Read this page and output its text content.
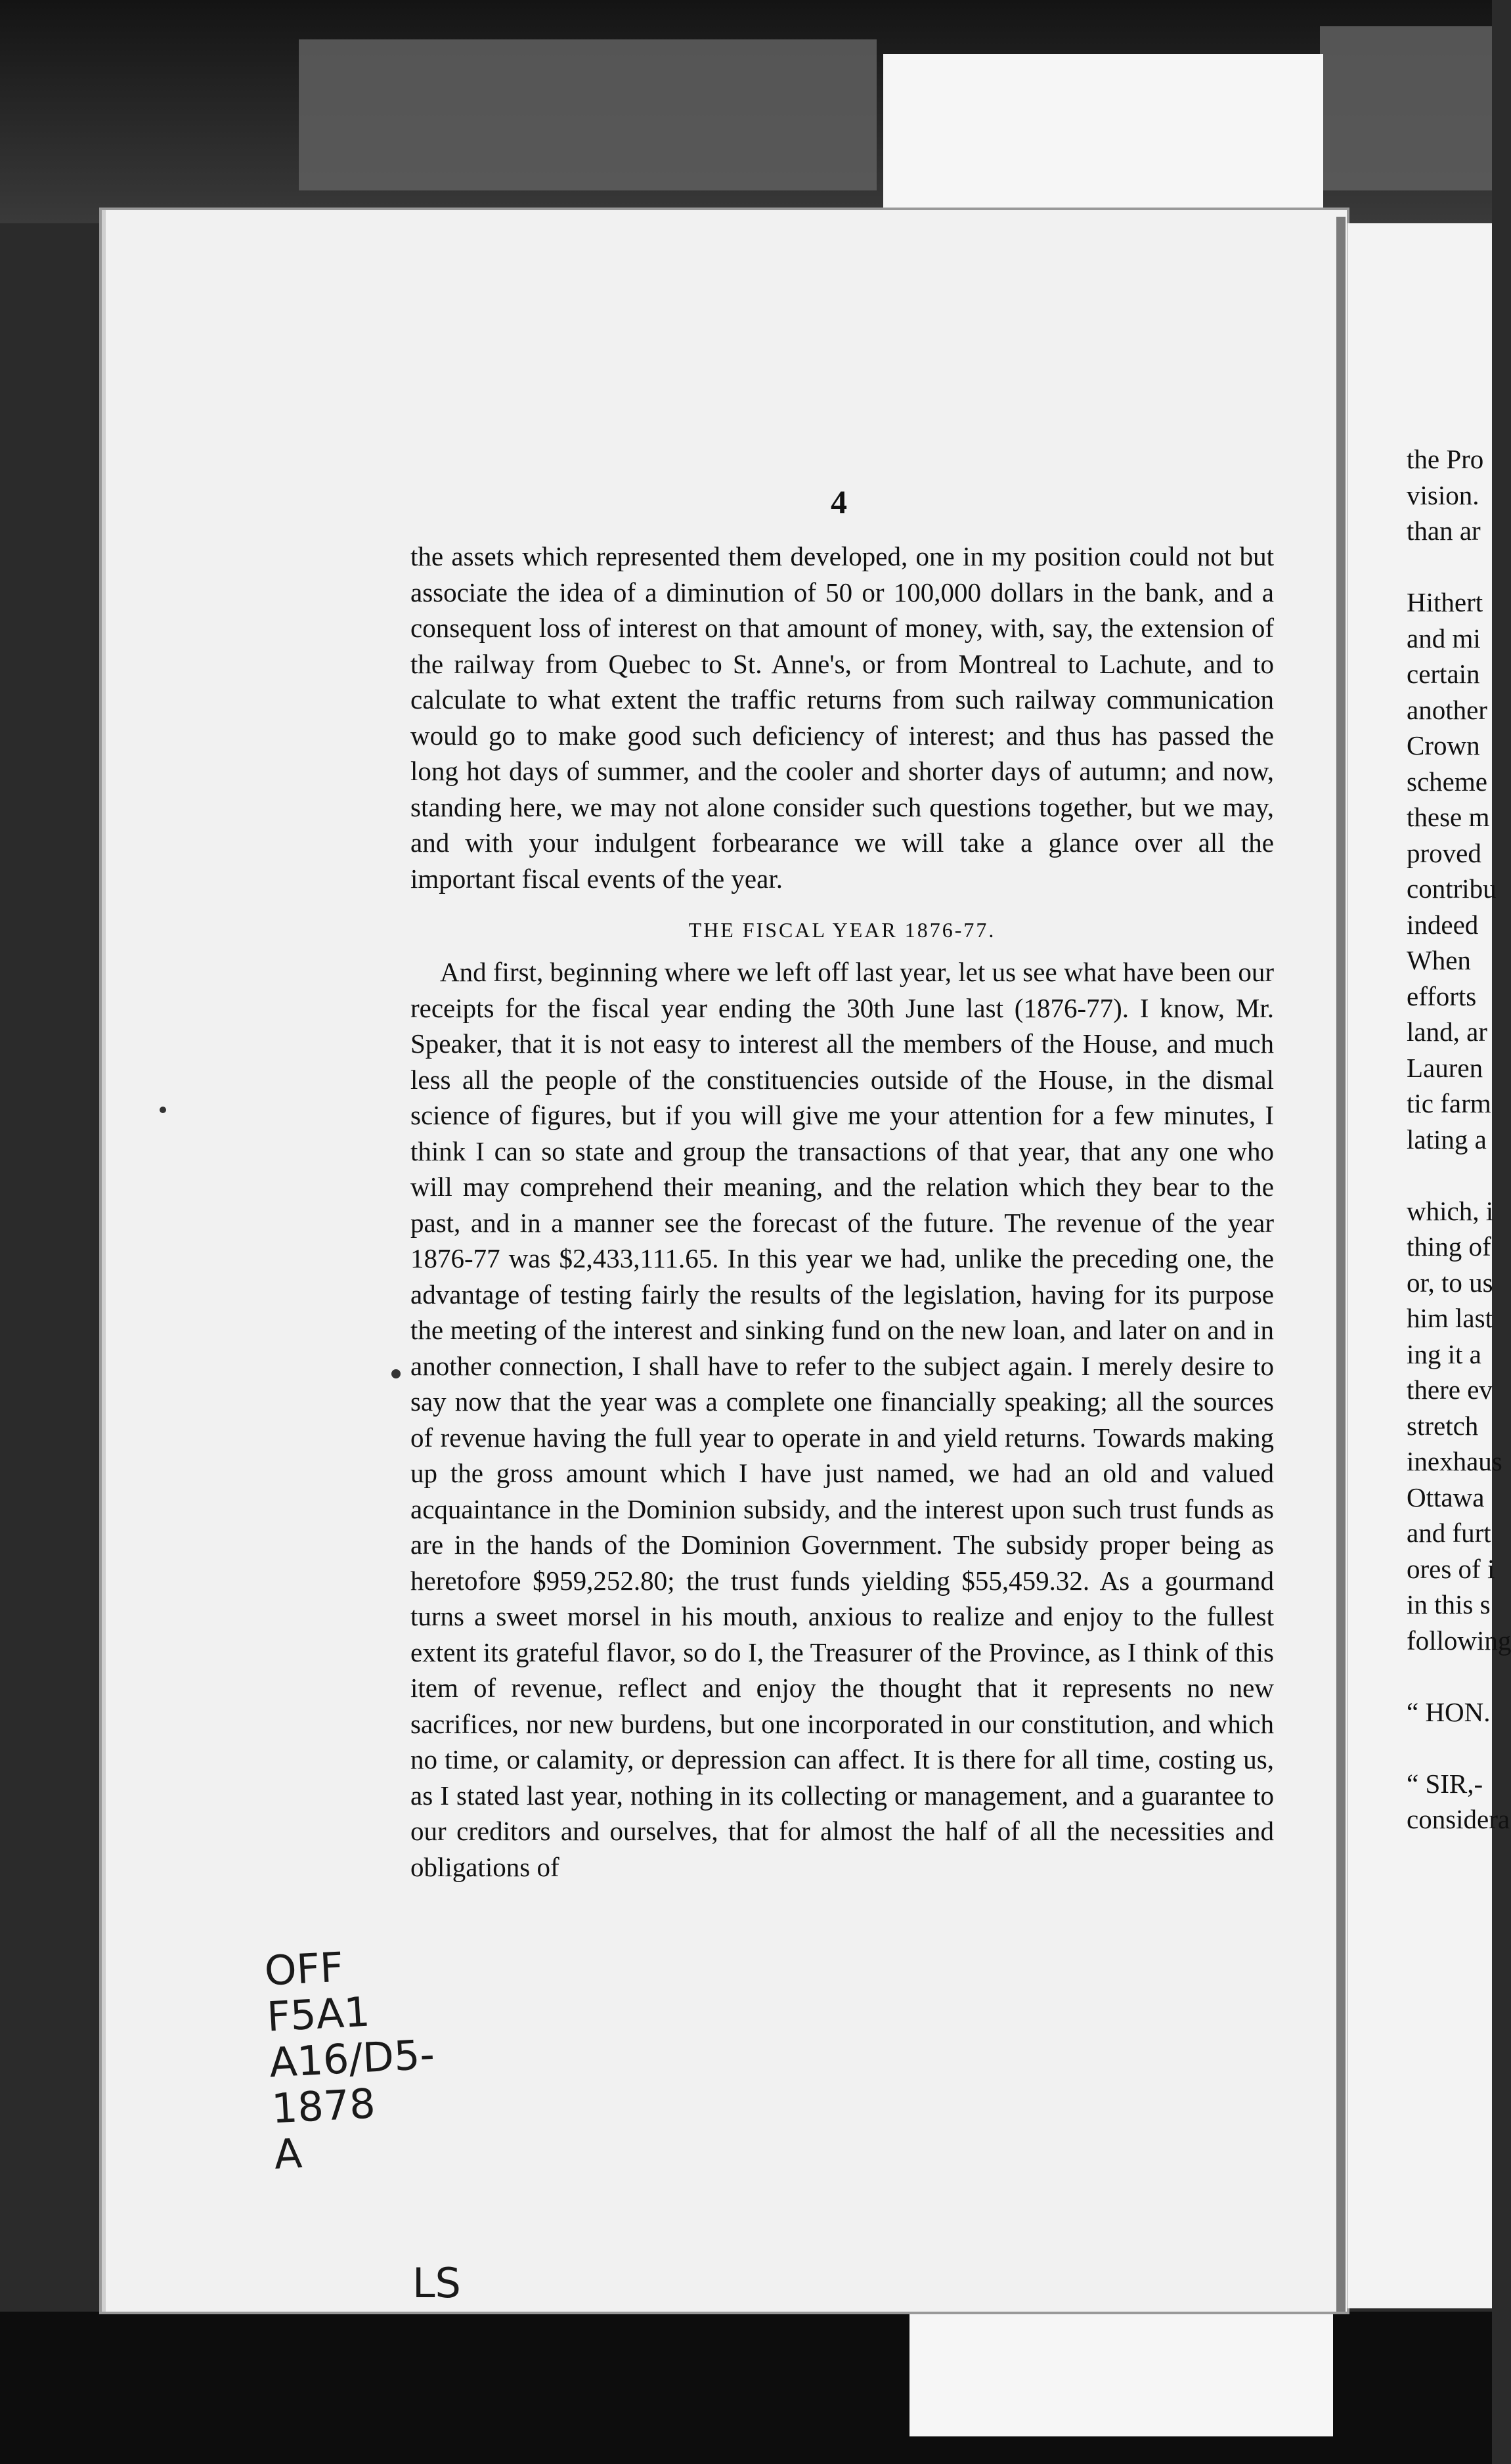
4

the assets which represented them developed, one in my position could not but associate the idea of a diminution of 50 or 100,000 dollars in the bank, and a consequent loss of interest on that amount of money, with, say, the extension of the railway from Quebec to St. Anne's, or from Montreal to Lachute, and to calculate to what extent the traffic returns from such railway communication would go to make good such deficiency of interest; and thus has passed the long hot days of summer, and the cooler and shorter days of autumn; and now, standing here, we may not alone consider such questions together, but we may, and with your indulgent forbearance we will take a glance over all the important fiscal events of the year.

THE FISCAL YEAR 1876-77.

And first, beginning where we left off last year, let us see what have been our receipts for the fiscal year ending the 30th June last (1876-77). I know, Mr. Speaker, that it is not easy to interest all the members of the House, and much less all the people of the constituencies outside of the House, in the dismal science of figures, but if you will give me your attention for a few minutes, I think I can so state and group the transactions of that year, that any one who will may comprehend their meaning, and the relation which they bear to the past, and in a manner see the forecast of the future. The revenue of the year 1876-77 was $2,433,111.65. In this year we had, unlike the preceding one, the advantage of testing fairly the results of the legislation, having for its purpose the meeting of the interest and sinking fund on the new loan, and later on and in another connection, I shall have to refer to the subject again. I merely desire to say now that the year was a complete one financially speaking; all the sources of revenue having the full year to operate in and yield returns. Towards making up the gross amount which I have just named, we had an old and valued acquaintance in the Dominion subsidy, and the interest upon such trust funds as are in the hands of the Dominion Government. The subsidy proper being as heretofore $959,252.80; the trust funds yielding $55,459.32. As a gourmand turns a sweet morsel in his mouth, anxious to realize and enjoy to the fullest extent its grateful flavor, so do I, the Treasurer of the Province, as I think of this item of revenue, reflect and enjoy the thought that it represents no new sacrifices, nor new burdens, but one incorporated in our constitution, and which no time, or calamity, or depression can affect. It is there for all time, costing us, as I stated last year, nothing in its collecting or management, and a guarantee to our creditors and ourselves, that for almost the half of all the necessities and obligations of

the Pro
vision.
than ar
Hithert
and mi
certain
another
Crown
scheme
these m
proved
contribu
indeed
When
efforts
land, ar
Lauren
tic farm
lating a
which, i
thing of
or, to us
him last
ing it a
there ev
stretch
inexhaus
Ottawa
and furt
ores of i
in this s
following
“ HON.
“ SIR,-
considera
OFF
F5A1
A16/D5-
1878
A
LS
